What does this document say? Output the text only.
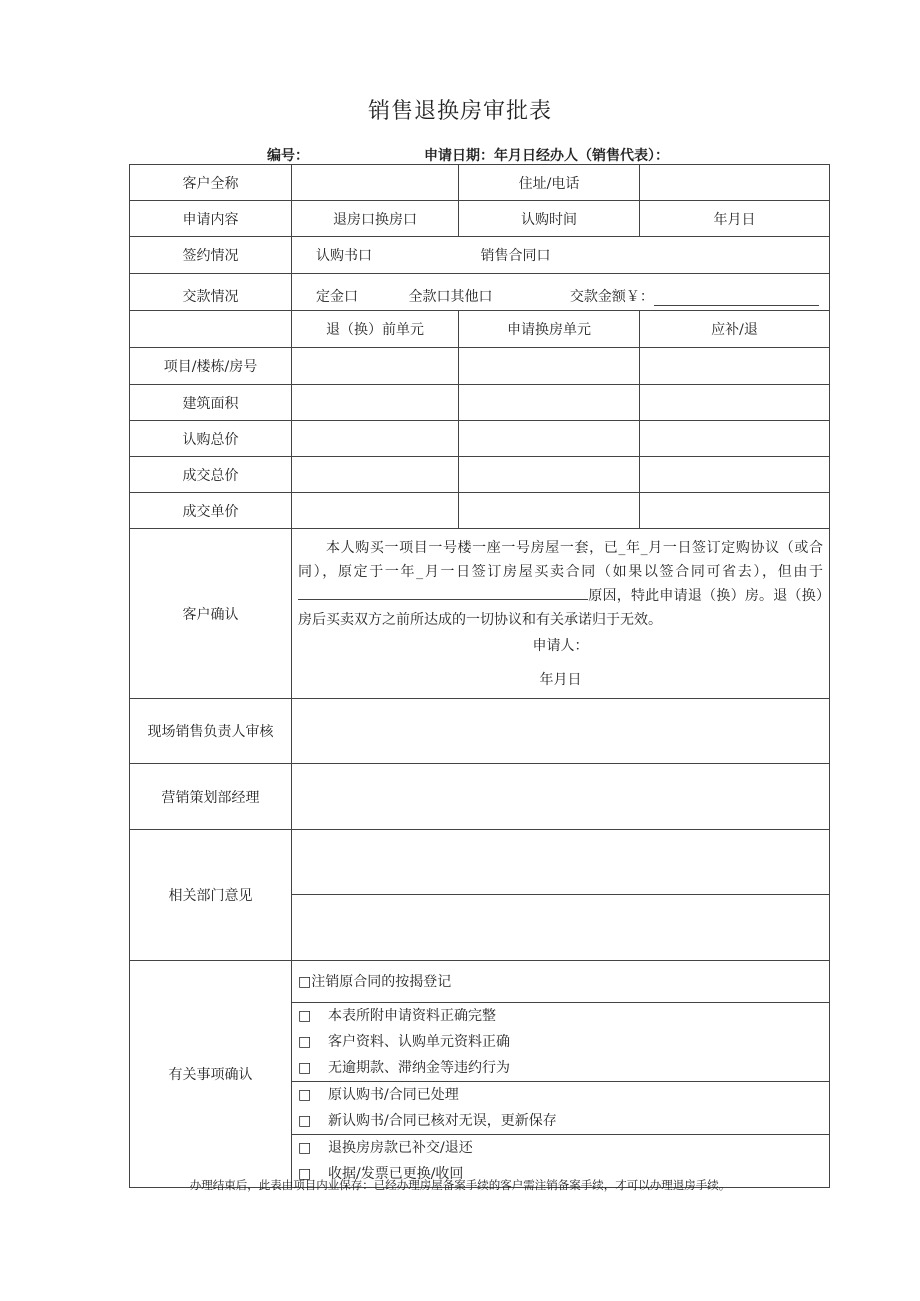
销售退换房审批表
编号：	申请日期：年月日经办人（销售代表）：
客户全称		住址/电话	
申请内容	退房口换房口	认购时间	年月日
签约情况	认购书口 销售合同口		
交款情况	定金口 全款口其他口 交款金额￥：		
	退（换）前单元	申请换房单元	应补/退
项目/楼栋/房号			
建筑面积			
认购总价			
成交总价			
成交单价			
客户确认	本人购买一项目一号楼一座一号房屋一套，已_年_月一日签订定购协议（或合同），原定于一年_月一日签订房屋买卖合同（如果以签合同可省去），但由于 原因，特此申请退（换）房。退（换）房后买卖双方之前所达成的一切协议和有关承诺归于无效。

申请人：
年月日		

现场销售负责人审核			
营销策划部经理			
相关部门意见			

有关事项确认	□注销原合同的按揭登记		

	□ 本表所附申请资料正确完整
□ 客户资料、认购单元资料正确
□ 无逾期款、滞纳金等违约行为		

	□ 原认购书/合同已处理
□ 新认购书/合同已核对无误，更新保存		

	□ 退换房房款已补交/退还
□ 收据/发票已更换/收回		
办理结束后，此表由项目内业保存：已经办理房屋备案手续的客户需注销备案手续，才可以办理退房手续。
